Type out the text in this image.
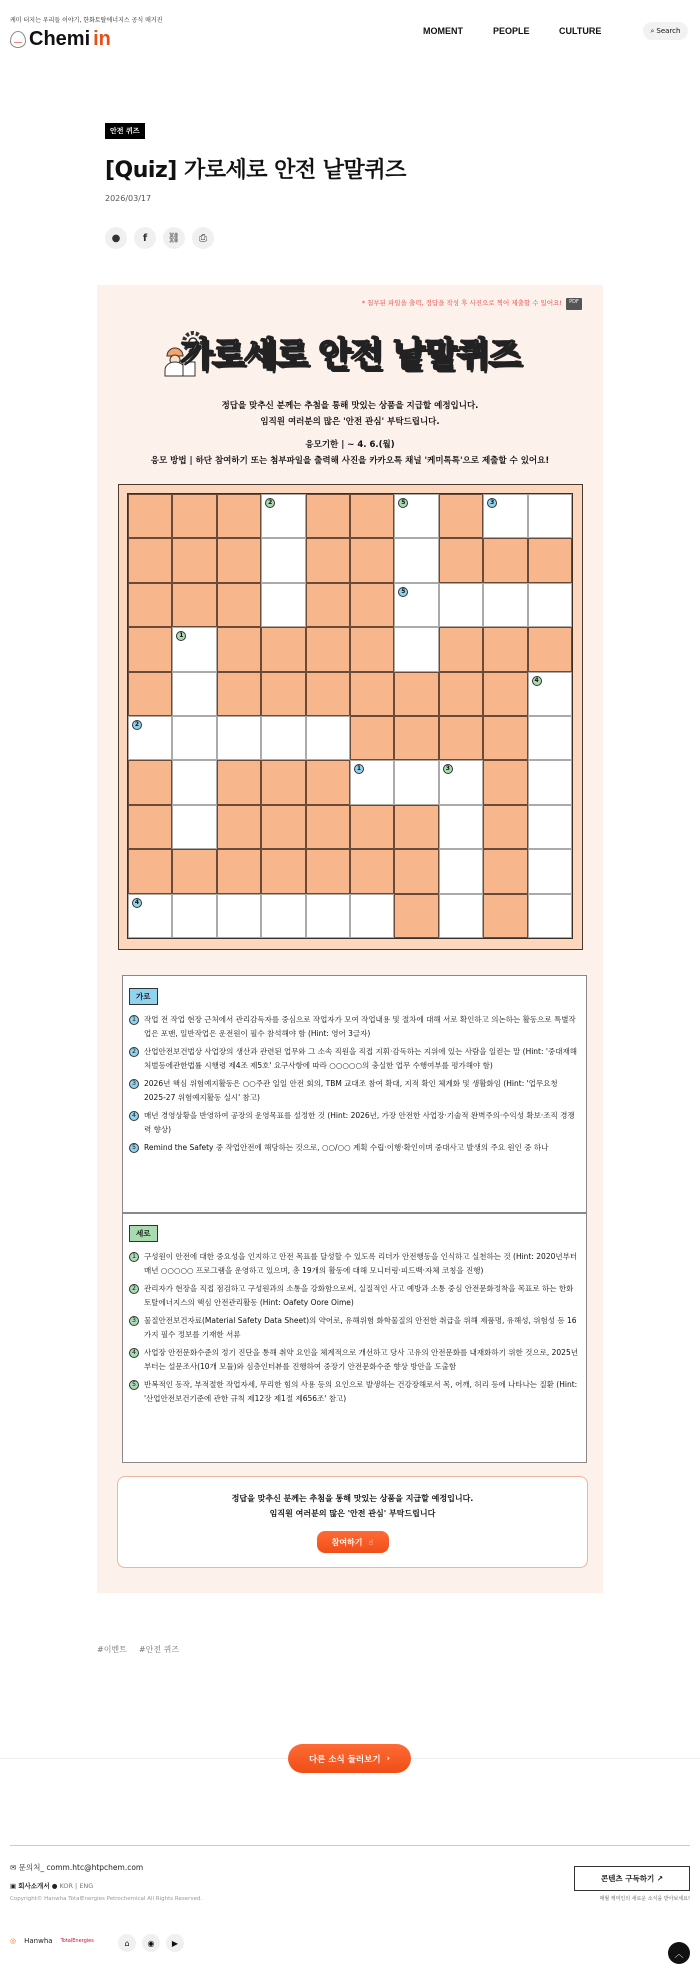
케미 터지는 우리들 이야기, 한화토탈에너지스 공식 매거진
Chemi in	MOMENT	PEOPLE	CULTURE	⌕ Search
안전 퀴즈
[Quiz] 가로세로 안전 낱말퀴즈
2026/03/17
●	f	⛓	⎙
* 첨부된 파일을 출력, 정답을 작성 후 사진으로 찍어 제출할 수 있어요!	PDF
가로세로 안전 낱말퀴즈
정답을 맞추신 분께는 추첨을 통해 맛있는 상품을 지급할 예정입니다.
임직원 여러분의 많은 '안전 관심' 부탁드립니다.
응모기한 | ~ 4. 6.(월)
응모 방법 | 하단 참여하기 또는 첨부파일을 출력해 사진을 카카오톡 채널 '케미톡톡'으로 제출할 수 있어요!
2	5	3
5
1
4
2
1	3
4
가로
1	작업 전 작업 현장 근처에서 관리감독자를 중심으로 작업자가 모여 작업내용 및 절차에 대해 서로 확인하고 의논하는 활동으로 특별작업은 포맨, 일반작업은 운전원이 필수 참석해야 함 (Hint: 영어 3글자)
2	산업안전보건법상 사업장의 생산과 관련된 업무와 그 소속 직원을 직접 지휘·감독하는 지위에 있는 사람을 일컫는 말 (Hint: '중대재해처벌등에관한법률 시행령 제4조 제5호' 요구사항에 따라 ○○○○○의 충실한 업무 수행여부를 평가해야 함)
3	2026년 핵심 위험예지활동은 ○○주관 일일 안전 회의, TBM 교대조 참여 확대, 지적 확인 체계화 및 생활화임 (Hint: '업무요청 2025-27 위험예지활동 실시' 참고)
4	매년 경영상황을 반영하여 공장의 운영목표를 설정한 것 (Hint: 2026년, 가장 안전한 사업장·기술적 완벽주의·수익성 확보·조직 경쟁력 향상)
5	Remind the Safety 중 작업안전에 해당하는 것으로, ○○/○○ 계획 수립·이행·확인이며 중대사고 발생의 주요 원인 중 하나
세로
1	구성원이 안전에 대한 중요성을 인지하고 안전 목표를 달성할 수 있도록 리더가 안전행동을 인식하고 실천하는 것 (Hint: 2020년부터 매년 ○○○○○ 프로그램을 운영하고 있으며, 총 19개의 활동에 대해 모니터링·피드백·자체 코칭을 진행)
2	관리자가 현장을 직접 점검하고 구성원과의 소통을 강화함으로써, 실질적인 사고 예방과 소통 중심 안전문화정착을 목표로 하는 한화토탈에너지스의 핵심 안전관리활동 (Hint: Oafety Oore Oime)
3	물질안전보건자료(Material Safety Data Sheet)의 약어로, 유해위험 화학물질의 안전한 취급을 위해 제품명, 유해성, 위험성 등 16가지 필수 정보를 기재한 서류
4	사업장 안전문화수준의 정기 진단을 통해 취약 요인을 체계적으로 개선하고 당사 고유의 안전문화를 내재화하기 위한 것으로, 2025년부터는 설문조사(10개 모듈)와 심층인터뷰를 진행하여 중장기 안전문화수준 향상 방안을 도출함
5	반복적인 동작, 부적절한 작업자세, 무리한 힘의 사용 등의 요인으로 발생하는 건강장해로서 목, 어깨, 허리 등에 나타나는 질환 (Hint: '산업안전보건기준에 관한 규칙 제12장 제1절 제656조' 참고)

정답을 맞추신 분께는 추첨을 통해 맛있는 상품을 지급할 예정입니다.

임직원 여러분의 많은 '안전 관심' 부탁드립니다

참여하기 ☝
#이벤트 #안전 퀴즈
다른 소식 둘러보기 ›
✉ 문의처_ comm.htc@htpchem.com
▣ 회사소개서 ● KOR | ENG
Copyright© Hanwha TotalEnergies Petrochemical All Rights Reserved.
콘텐츠 구독하기 ↗
매월 케미인의 새로운 소식을 받아보세요!
◎ Hanwha TotalEnergies	⌂	◉	▶
︿
